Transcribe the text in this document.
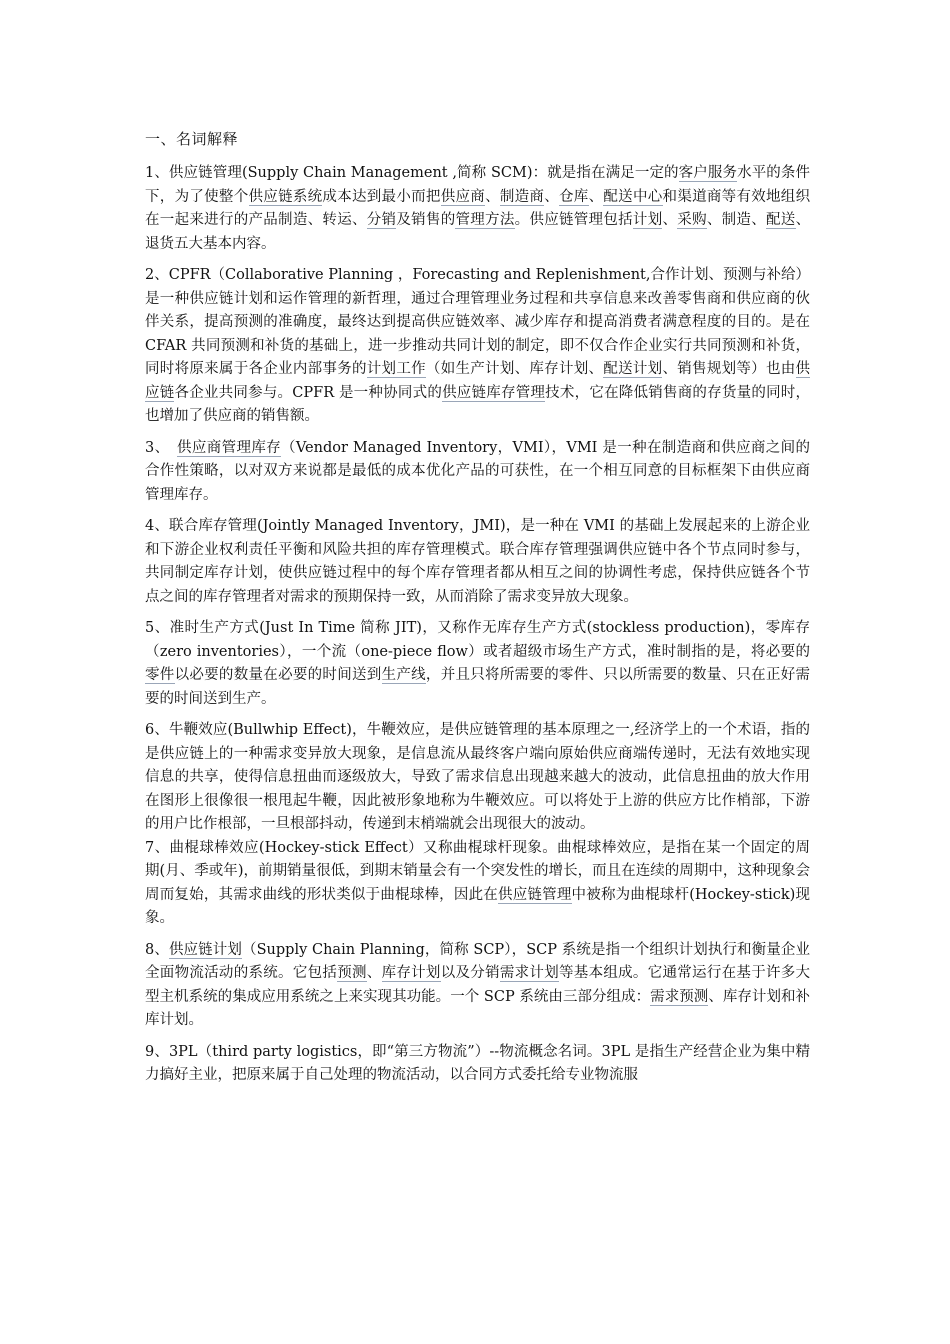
一、名词解释
1、供应链管理(Supply Chain Management ,简称 SCM)：就是指在满足一定的客户服务水平的条件下，为了使整个供应链系统成本达到最小而把供应商、制造商、仓库、配送中心和渠道商等有效地组织在一起来进行的产品制造、转运、分销及销售的管理方法。供应链管理包括计划、采购、制造、配送、退货五大基本内容。
2、CPFR（Collaborative Planning ，Forecasting and Replenishment,合作计划、预测与补给）是一种供应链计划和运作管理的新哲理，通过合理管理业务过程和共享信息来改善零售商和供应商的伙伴关系，提高预测的准确度，最终达到提高供应链效率、减少库存和提高消费者满意程度的目的。是在 CFAR 共同预测和补货的基础上，进一步推动共同计划的制定，即不仅合作企业实行共同预测和补货，同时将原来属于各企业内部事务的计划工作（如生产计划、库存计划、配送计划、销售规划等）也由供应链各企业共同参与。CPFR 是一种协同式的供应链库存管理技术，它在降低销售商的存货量的同时，也增加了供应商的销售额。
3、　供应商管理库存（Vendor Managed Inventory，VMI），VMI 是一种在制造商和供应商之间的合作性策略，以对双方来说都是最低的成本优化产品的可获性，在一个相互同意的目标框架下由供应商管理库存。
4、联合库存管理(Jointly Managed Inventory，JMI)，是一种在 VMI 的基础上发展起来的上游企业和下游企业权利责任平衡和风险共担的库存管理模式。联合库存管理强调供应链中各个节点同时参与，共同制定库存计划，使供应链过程中的每个库存管理者都从相互之间的协调性考虑，保持供应链各个节点之间的库存管理者对需求的预期保持一致，从而消除了需求变异放大现象。
5、准时生产方式(Just In Time 简称 JIT)，又称作无库存生产方式(stockless production)，零库存（zero inventories），一个流（one-piece flow）或者超级市场生产方式，准时制指的是，将必要的零件以必要的数量在必要的时间送到生产线，并且只将所需要的零件、只以所需要的数量、只在正好需要的时间送到生产。
6、牛鞭效应(Bullwhip Effect)，牛鞭效应，是供应链管理的基本原理之一,经济学上的一个术语，指的是供应链上的一种需求变异放大现象，是信息流从最终客户端向原始供应商端传递时，无法有效地实现信息的共享，使得信息扭曲而逐级放大，导致了需求信息出现越来越大的波动，此信息扭曲的放大作用在图形上很像很一根甩起牛鞭，因此被形象地称为牛鞭效应。可以将处于上游的供应方比作梢部，下游的用户比作根部，一旦根部抖动，传递到末梢端就会出现很大的波动。
7、曲棍球棒效应(Hockey-stick Effect）又称曲棍球杆现象。曲棍球棒效应，是指在某一个固定的周期(月、季或年)，前期销量很低，到期末销量会有一个突发性的增长，而且在连续的周期中，这种现象会周而复始，其需求曲线的形状类似于曲棍球棒，因此在供应链管理中被称为曲棍球杆(Hockey-stick)现象。
8、供应链计划（Supply Chain Planning，简称 SCP），SCP 系统是指一个组织计划执行和衡量企业全面物流活动的系统。它包括预测、库存计划以及分销需求计划等基本组成。它通常运行在基于许多大型主机系统的集成应用系统之上来实现其功能。一个 SCP 系统由三部分组成：需求预测、库存计划和补库计划。
9、3PL（third party logistics，即“第三方物流”）--物流概念名词。3PL 是指生产经营企业为集中精力搞好主业，把原来属于自己处理的物流活动，以合同方式委托给专业物流服
